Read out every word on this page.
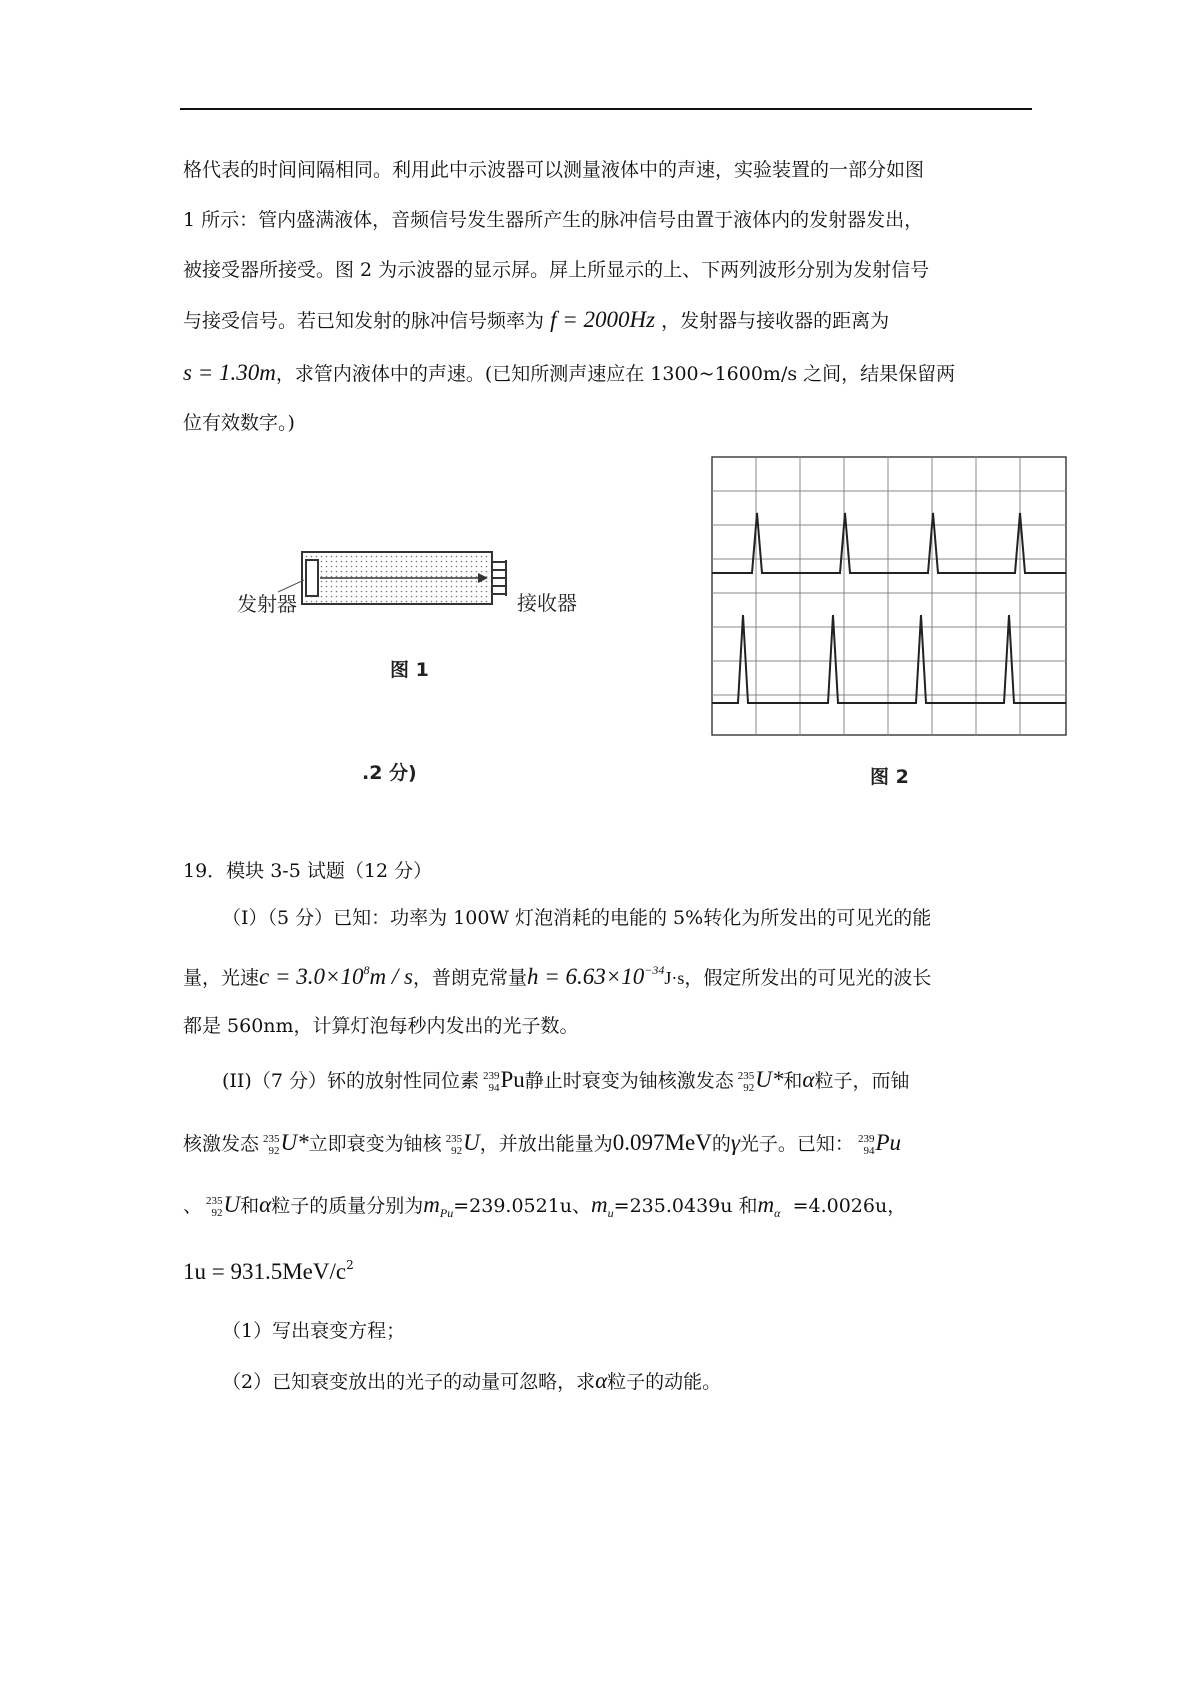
格代表的时间间隔相同。利用此中示波器可以测量液体中的声速，实验装置的一部分如图
1 所示：管内盛满液体，音频信号发生器所产生的脉冲信号由置于液体内的发射器发出，
被接受器所接受。图 2 为示波器的显示屏。屏上所显示的上、下两列波形分别为发射信号
与接受信号。若已知发射的脉冲信号频率为 f = 2000Hz ，发射器与接收器的距离为
s = 1.30m，求管内液体中的声速。(已知所测声速应在 1300~1600m/s 之间，结果保留两
位有效数字。)
发射器	接收器
图 1
.2 分)	图 2
19．模块 3-5 试题（12 分）
（I）（5 分）已知：功率为 100W 灯泡消耗的电能的 5%转化为所发出的可见光的能
量，光速$c = 3.0\times 10^8m / s$，普朗克常量$h = 6.63\times 10^{-34}J\cdot s$，假定所发出的可见光的波长
都是 560nm，计算灯泡每秒内发出的光子数。
(II)（7 分）钚的放射性同位素 239
94 Pu静止时衰变为铀核激发态 235
92 U*和α粒子，而铀
核激发态 235
92 U*立即衰变为铀核 235
92 U，并放出能量为0.097MeV的γ光子。已知： 239
94 Pu
、 235
92 U和α粒子的质量分别为$m_{Pu}=239.0521u$、$m_u=235.0439u$ 和$m_\alpha =4.0026u$，
$1u = 931.5MeV/c^2$
（1）写出衰变方程；
（2）已知衰变放出的光子的动量可忽略，求α粒子的动能。
